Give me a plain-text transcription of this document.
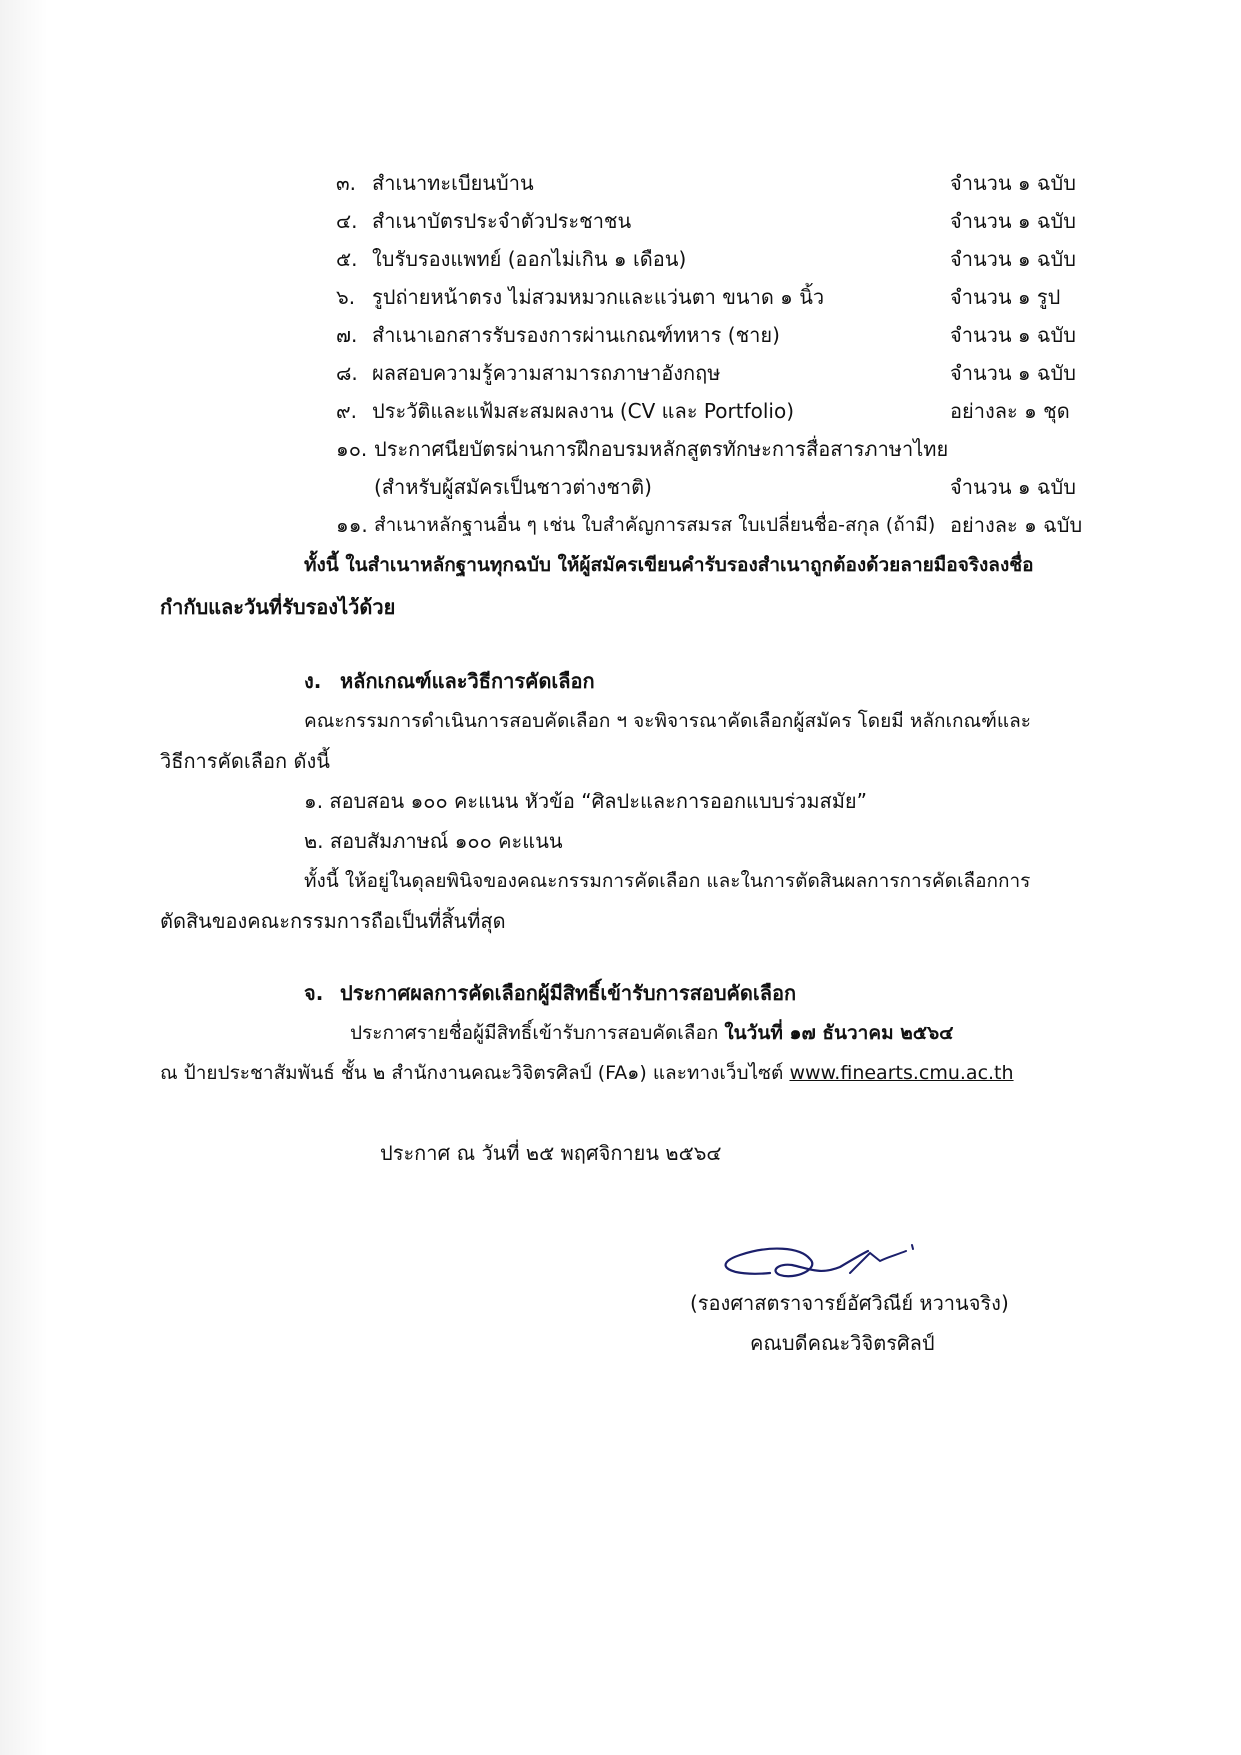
๓. สำเนาทะเบียนบ้าน	จำนวน ๑ ฉบับ
๔. สำเนาบัตรประจำตัวประชาชน	จำนวน ๑ ฉบับ
๕. ใบรับรองแพทย์ (ออกไม่เกิน ๑ เดือน)	จำนวน ๑ ฉบับ
๖. รูปถ่ายหน้าตรง ไม่สวมหมวกและแว่นตา ขนาด ๑ นิ้ว	จำนวน ๑ รูป
๗. สำเนาเอกสารรับรองการผ่านเกณฑ์ทหาร (ชาย)	จำนวน ๑ ฉบับ
๘. ผลสอบความรู้ความสามารถภาษาอังกฤษ	จำนวน ๑ ฉบับ
๙. ประวัติและแฟ้มสะสมผลงาน (CV และ Portfolio)	อย่างละ ๑ ชุด
๑๐. ประกาศนียบัตรผ่านการฝึกอบรมหลักสูตรทักษะการสื่อสารภาษาไทย
(สำหรับผู้สมัครเป็นชาวต่างชาติ)	จำนวน ๑ ฉบับ
๑๑. สำเนาหลักฐานอื่น ๆ เช่น ใบสำคัญการสมรส ใบเปลี่ยนชื่อ-สกุล (ถ้ามี) อย่างละ ๑ ฉบับ
ทั้งนี้ ในสำเนาหลักฐานทุกฉบับ ให้ผู้สมัครเขียนคำรับรองสำเนาถูกต้องด้วยลายมือจริงลงชื่อ
กำกับและวันที่รับรองไว้ด้วย
ง. หลักเกณฑ์และวิธีการคัดเลือก
คณะกรรมการดำเนินการสอบคัดเลือก ฯ จะพิจารณาคัดเลือกผู้สมัคร โดยมี หลักเกณฑ์และ
วิธีการคัดเลือก ดังนี้
๑. สอบสอน ๑๐๐ คะแนน หัวข้อ “ศิลปะและการออกแบบร่วมสมัย”
๒. สอบสัมภาษณ์ ๑๐๐ คะแนน
ทั้งนี้ ให้อยู่ในดุลยพินิจของคณะกรรมการคัดเลือก และในการตัดสินผลการการคัดเลือกการ
ตัดสินของคณะกรรมการถือเป็นที่สิ้นที่สุด
จ. ประกาศผลการคัดเลือกผู้มีสิทธิ์เข้ารับการสอบคัดเลือก
ประกาศรายชื่อผู้มีสิทธิ์เข้ารับการสอบคัดเลือก ในวันที่ ๑๗ ธันวาคม ๒๕๖๔
ณ ป้ายประชาสัมพันธ์ ชั้น ๒ สำนักงานคณะวิจิตรศิลป์ (FA๑) และทางเว็บไซต์ www.finearts.cmu.ac.th
ประกาศ ณ วันที่ ๒๕ พฤศจิกายน ๒๕๖๔
(รองศาสตราจารย์อัศวิณีย์ หวานจริง)
คณบดีคณะวิจิตรศิลป์
